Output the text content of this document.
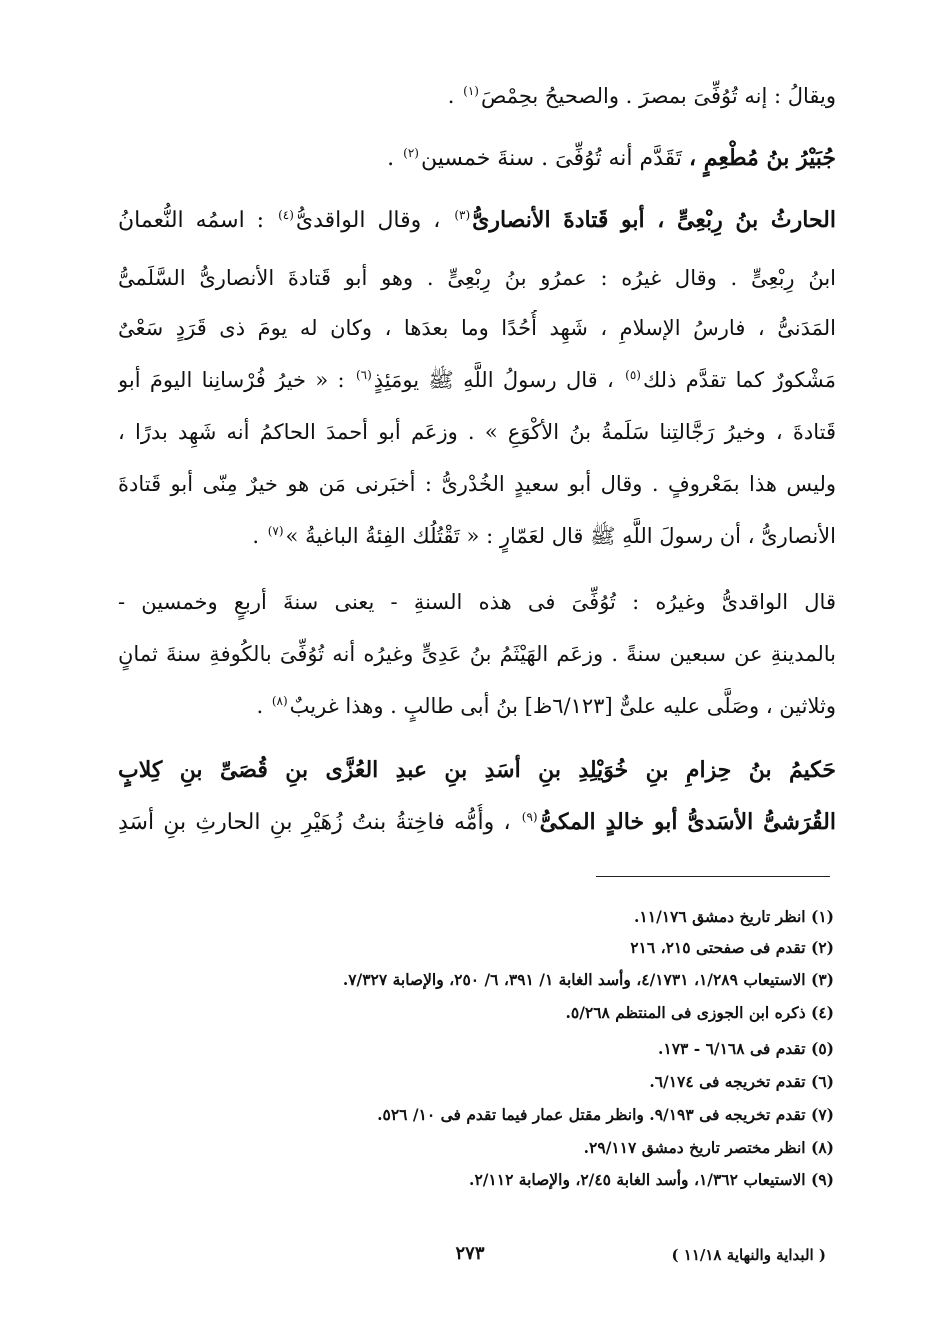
ويقالُ : إنه تُوُفِّىَ بمصرَ . والصحيحُ بحِمْصَ$^{(١)}$ .
جُبَيْرُ بنُ مُطْعِمٍ ، تَقَدَّم أنه تُوُفِّىَ . سنةَ خمسين$^{(٢)}$ .
الحارثُ بنُ رِبْعِىٍّ ، أبو قَتادةَ الأنصارىُّ$^{(٣)}$ ، وقال الواقدىُّ$^{(٤)}$ : اسمُه النُّعمانُ
ابنُ رِبْعِىٍّ . وقال غيرُه : عمرُو بنُ رِبْعِىٍّ . وهو أبو قَتادةَ الأنصارىُّ السَّلَمىُّ
المَدَنىُّ ، فارسُ الإسلامِ ، شَهِد أُحُدًا وما بعدَها ، وكان له يومَ ذى قَرَدٍ سَعْىٌ
مَشْكورٌ كما تقدَّم ذلك$^{(٥)}$ ، قال رسولُ اللَّهِ ﷺ يومَئِذٍ$^{(٦)}$ : « خيرُ فُرْسانِنا اليومَ أبو
قَتادةَ ، وخيرُ رَجَّالتِنا سَلَمةُ بنُ الأكْوَعِ » . وزعَم أبو أحمدَ الحاكمُ أنه شَهِد بدرًا ،
وليس هذا بمَعْروفٍ . وقال أبو سعيدٍ الخُدْرىُّ : أخبَرنى مَن هو خيرٌ مِنّى أبو قَتادةَ
الأنصارىُّ ، أن رسولَ اللَّهِ ﷺ قال لعَمّارٍ : « تَقْتُلُك الفِئةُ الباغيةُ »$^{(٧)}$ .
قال الواقدىُّ وغيرُه : تُوُفِّىَ فى هذه السنةِ - يعنى سنةَ أربعٍ وخمسين -
بالمدينةِ عن سبعين سنةً . وزعَم الهَيْثَمُ بنُ عَدِىٍّ وغيرُه أنه تُوُفِّىَ بالكُوفةِ سنةَ ثمانٍ
وثلاثين ، وصَلَّى عليه علىٌّ [٦/١٢٣ظ] بنُ أبى طالبٍ . وهذا غريبٌ$^{(٨)}$ .
حَكيمُ بنُ حِزامِ بنِ خُوَيْلِدِ بنِ أسَدِ بنِ عبدِ العُزَّى بنِ قُصَىِّ بنِ كِلابٍ
القُرَشىُّ الأسَدىُّ أبو خالدٍ المكىُّ$^{(٩)}$ ، وأُمُّه فاخِتةُ بنتُ زُهَيْرِ بنِ الحارثِ بنِ أسَدِ
(١) انظر تاريخ دمشق ١١/١٧٦.
(٢) تقدم فى صفحتى ٢١٥، ٢١٦
(٣) الاستيعاب ١/٢٨٩، ٤/١٧٣١، وأسد الغابة ١/ ٣٩١، ٦/ ٢٥٠، والإصابة ٧/٣٢٧.
(٤) ذكره ابن الجوزى فى المنتظم ٥/٢٦٨.
(٥) تقدم فى ٦/١٦٨ - ١٧٣.
(٦) تقدم تخريجه فى ٦/١٧٤.
(٧) تقدم تخريجه فى ٩/١٩٣. وانظر مقتل عمار فيما تقدم فى ١٠/ ٥٢٦.
(٨) انظر مختصر تاريخ دمشق ٢٩/١١٧.
(٩) الاستيعاب ١/٣٦٢، وأسد الغابة ٢/٤٥، والإصابة ٢/١١٢.
( البداية والنهاية ١١/١٨ )
٢٧٣
